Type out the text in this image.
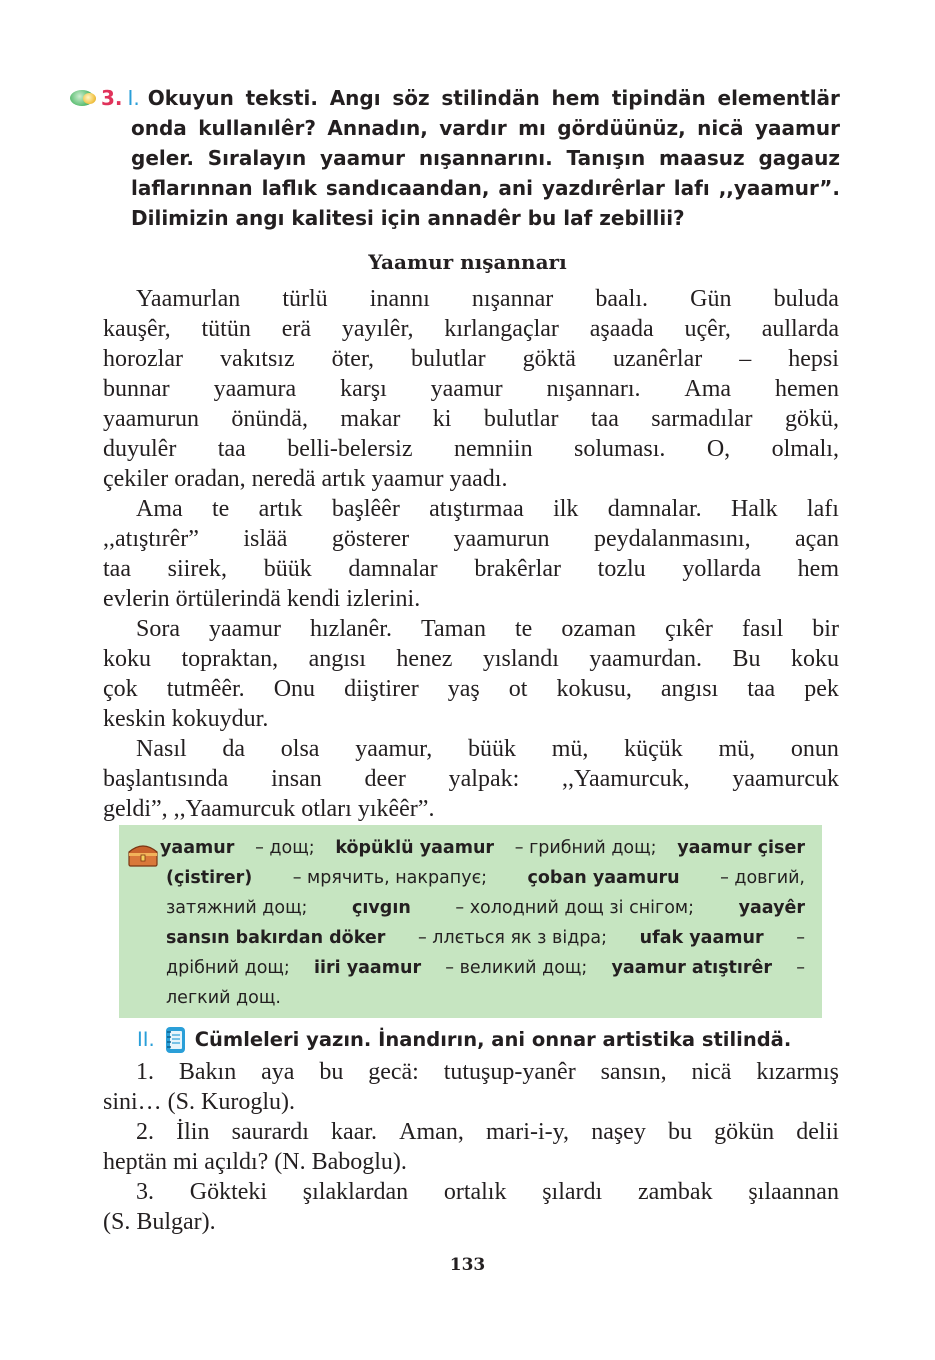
3. I. Okuyun teksti. Angı söz stilindän hem tipindän elementlär
onda kullanılêr? Annadın, vardır mı gördüünüz, nicä yaamur
geler. Sıralayın yaamur nışannarını. Tanışın maasuz gagauz
laflarınnan laflık sandıcaandan, ani yazdırêrlar lafı ,,yaamur”.
Dilimizin angı kalitesi için annadêr bu laf zebillii?
Yaamur nışannarı
Yaamurlan türlü inannı nışannar baalı. Gün buluda
kauşêr, tütün erä yayılêr, kırlangaçlar aşaada uçêr, aullarda
horozlar vakıtsız öter, bulutlar göktä uzanêrlar – hepsi
bunnar yaamura karşı yaamur nışannarı. Ama hemen
yaamurun önündä, makar ki bulutlar taa sarmadılar gökü,
duyulêr taa belli-belersiz nemniin soluması. O, olmalı,
çekiler oradan, neredä artık yaamur yaadı.
Ama te artık başlêêr atıştırmaa ilk damnalar. Halk lafı
,,atıştırêr” islää gösterer yaamurun peydalanmasını, açan
taa siirek, büük damnalar brakêrlar tozlu yollarda hem
evlerin örtülerindä kendi izlerini.
Sora yaamur hızlanêr. Taman te ozaman çıkêr fasıl bir
koku topraktan, angısı henez yıslandı yaamurdan. Bu koku
çok tutmêêr. Onu diiştirer yaş ot kokusu, angısı taa pek
keskin kokuydur.
Nasıl da olsa yaamur, büük mü, küçük mü, onun
başlantısında insan deer yalpak: ,,Yaamurcuk, yaamurcuk
geldi”, ,,Yaamurcuk otları yıkêêr”.
yaamur – дощ; köpüklü yaamur – грибний дощ; yaamur çiser
(çistirer) – мрячить, накрапує; çoban yaamuru – довгий,
затяжний дощ;	çıvgın	– холодний дощ зі снігом;	yaayêr
sansın bakırdan döker – ллється як з відра; ufak yaamur –
дрібний дощ; iiri yaamur – великий дощ; yaamur atıştırêr –
легкий дощ.
II. Cümleleri yazın. İnandırın, ani onnar artistika stilindä.
1. Bakın aya bu gecä: tutuşup-yanêr sansın, nicä kızarmış
sini… (S. Kuroglu).
2. İlin saurardı kaar. Aman, mari-i-y, naşey bu gökün delii
heptän mi açıldı? (N. Baboglu).
3. Gökteki şılaklardan ortalık şılardı zambak şılaannan
(S. Bulgar).
133
